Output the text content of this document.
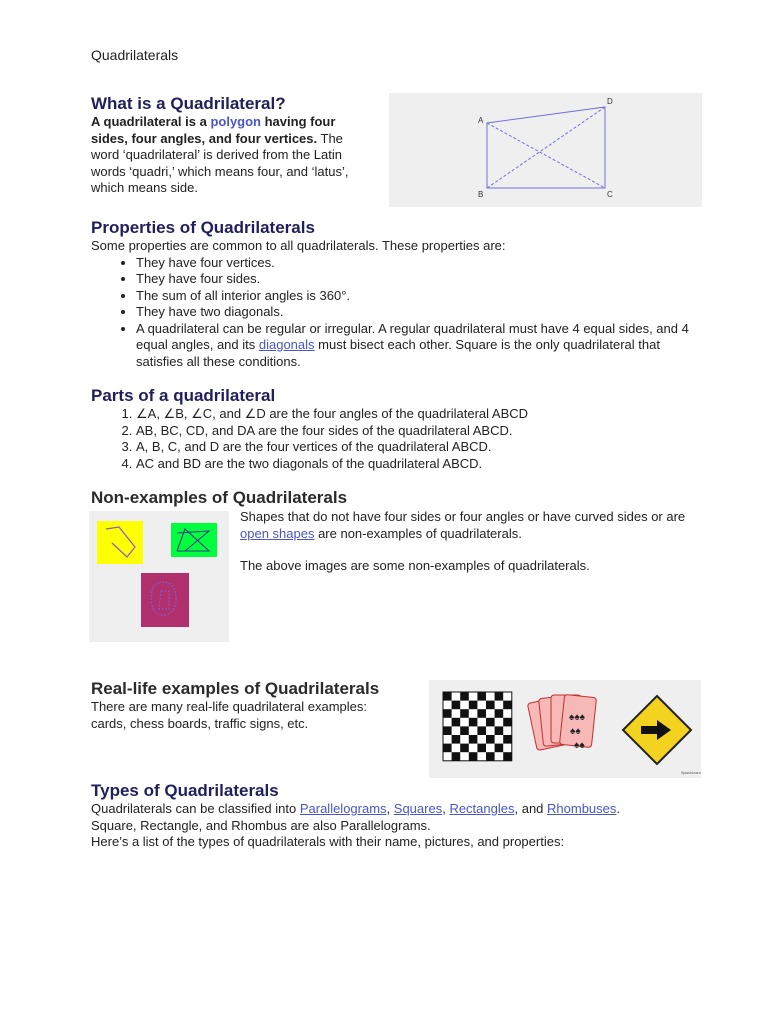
Quadrilaterals
What is a Quadrilateral?

A quadrilateral is a polygon having four sides, four angles, and four vertices. The word ‘quadrilateral’ is derived from the Latin words ‘quadri,’ which means four, and ‘latus’, which means side.

A
D
B	C
Properties of Quadrilaterals

Some properties are common to all quadrilaterals. These properties are:

• They have four vertices.
• They have four sides.
• The sum of all interior angles is 360°.
• They have two diagonals.
• A quadrilateral can be regular or irregular. A regular quadrilateral must have 4 equal sides, and 4 equal angles, and its diagonals must bisect each other. Square is the only quadrilateral that satisfies all these conditions.
Parts of a quadrilateral
1. ∠A, ∠B, ∠C, and ∠D are the four angles of the quadrilateral ABCD
2. AB, BC, CD, and DA are the four sides of the quadrilateral ABCD.
3. A, B, C, and D are the four vertices of the quadrilateral ABCD.
4. AC and BD are the two diagonals of the quadrilateral ABCD.
Non-examples of Quadrilaterals

Shapes that do not have four sides or four angles or have curved sides or are open shapes are non-examples of quadrilaterals.

The above images are some non-examples of quadrilaterals.

Real-life examples of Quadrilaterals

There are many real-life quadrilateral examples: cards, chess boards, traffic signs, etc.

♠♠
♠♠♠
♠♠
SplashLearn
Types of Quadrilaterals

Quadrilaterals can be classified into Parallelograms, Squares, Rectangles, and Rhombuses.

Square, Rectangle, and Rhombus are also Parallelograms.

Here’s a list of the types of quadrilaterals with their name, pictures, and properties:
